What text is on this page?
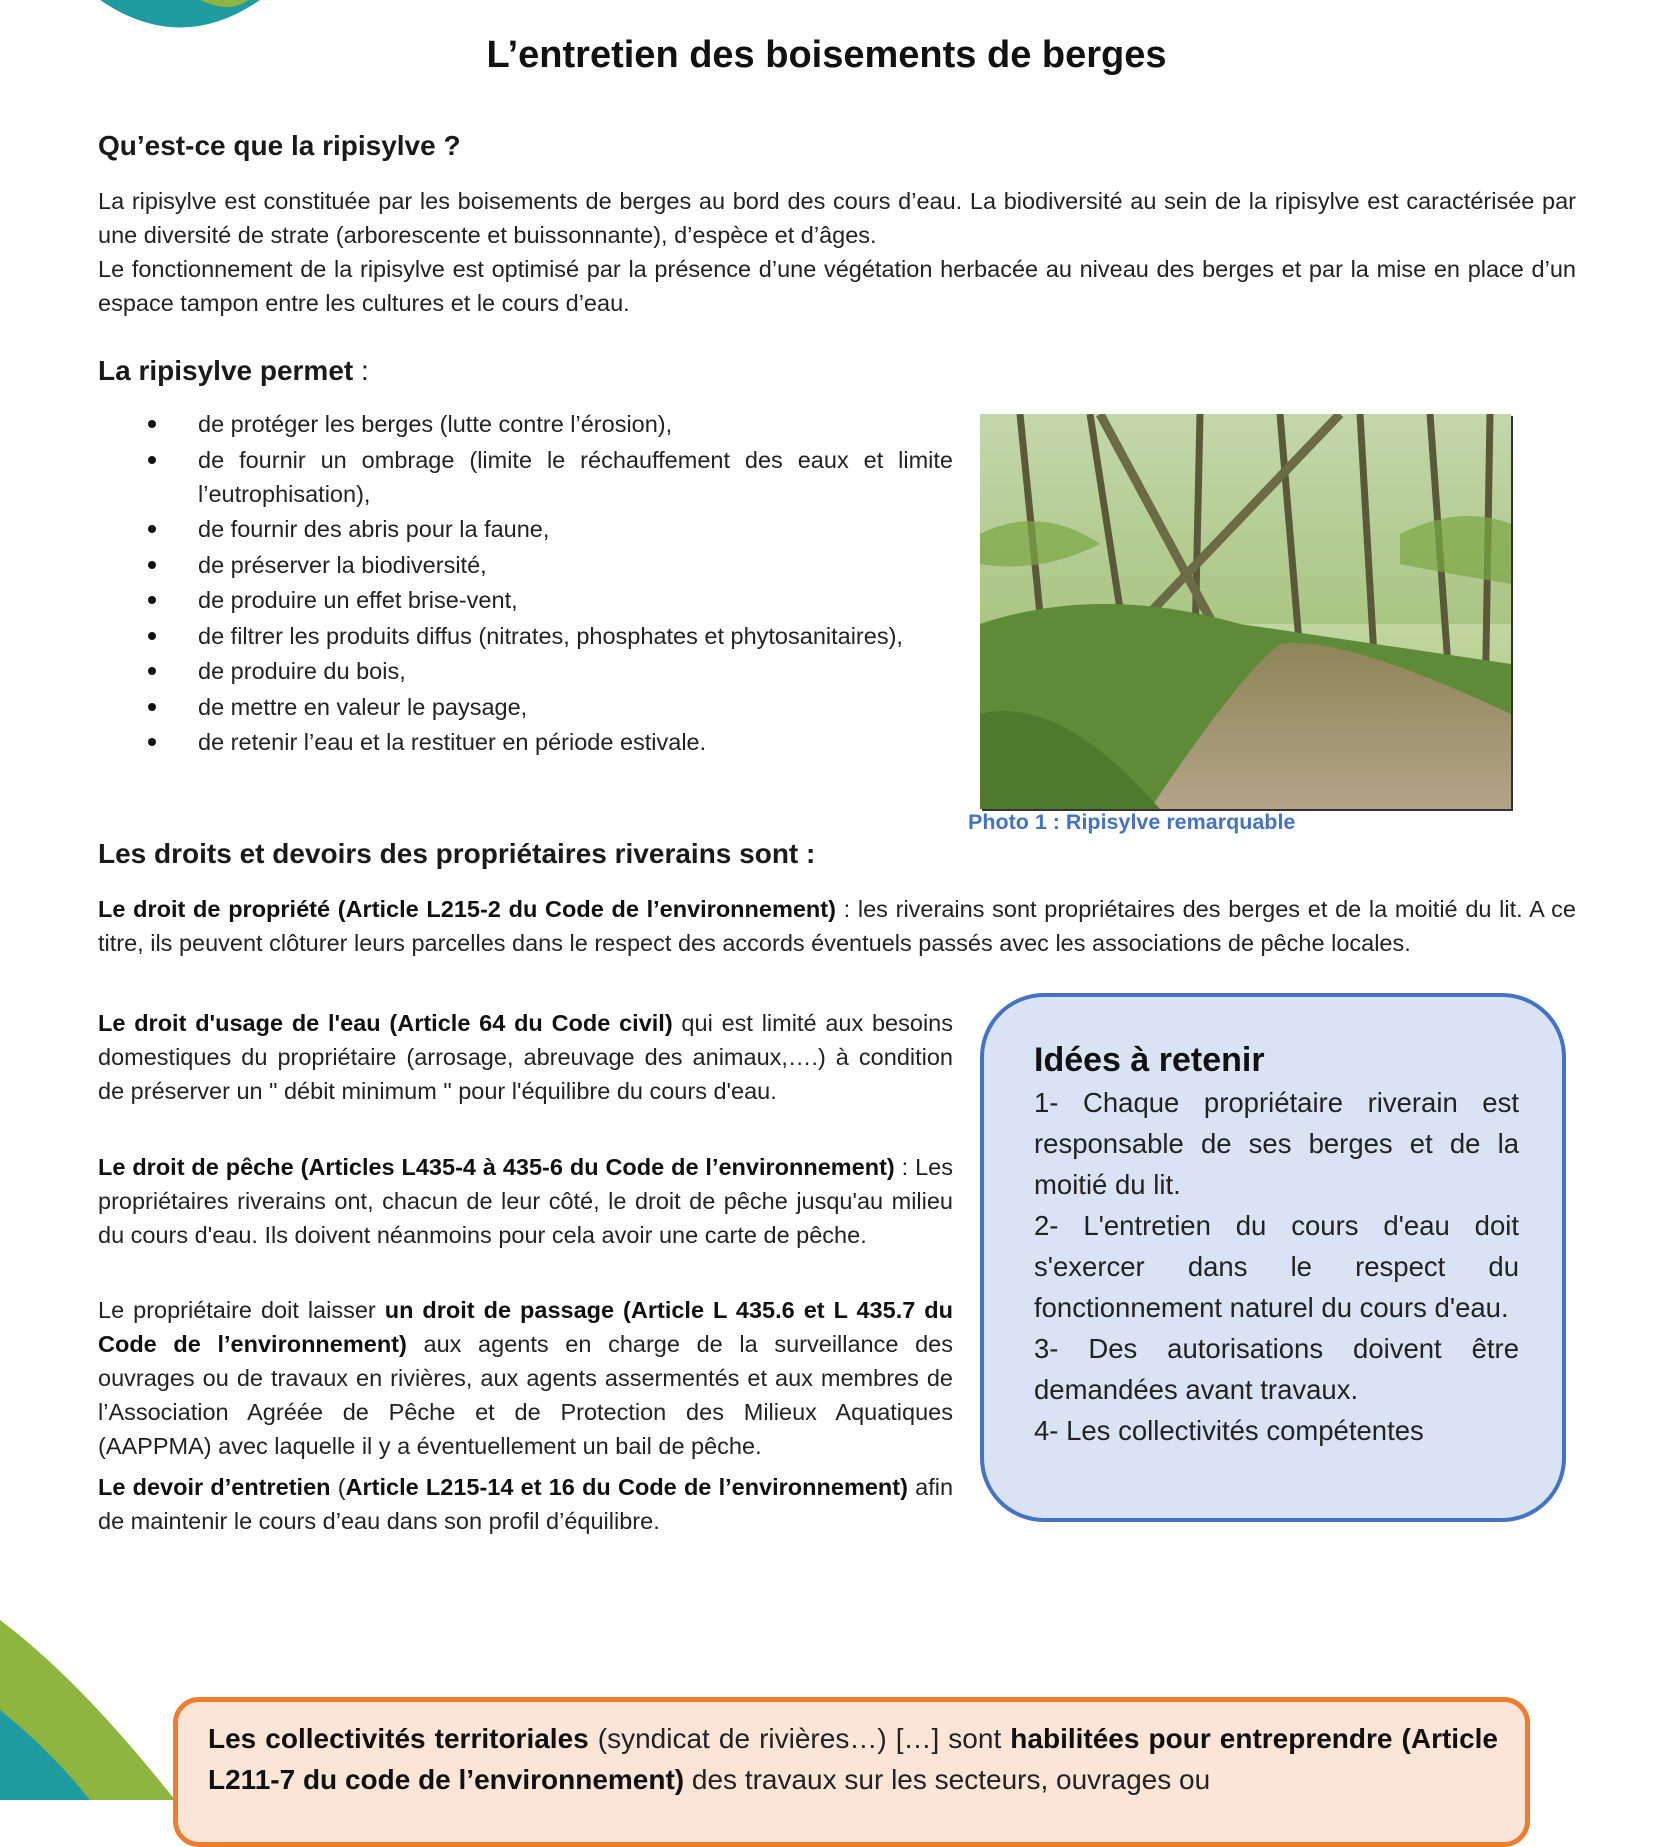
L’entretien des boisements de berges
Qu’est-ce que la ripisylve ?

La ripisylve est constituée par les boisements de berges au bord des cours d’eau. La biodiversité au sein de la ripisylve est caractérisée par une diversité de strate (arborescente et buissonnante), d’espèce et d’âges.

Le fonctionnement de la ripisylve est optimisé par la présence d’une végétation herbacée au niveau des berges et par la mise en place d’un espace tampon entre les cultures et le cours d’eau.

La ripisylve permet :
de protéger les berges (lutte contre l’érosion),
de fournir un ombrage (limite le réchauffement des eaux et limite l’eutrophisation),
de fournir des abris pour la faune,
de préserver la biodiversité,
de produire un effet brise-vent,
de filtrer les produits diffus (nitrates, phosphates et phytosanitaires),
de produire du bois,
de mettre en valeur le paysage,
de retenir l’eau et la restituer en période estivale.

Photo 1 : Ripisylve remarquable

Les droits et devoirs des propriétaires riverains sont :

Le droit de propriété (Article L215-2 du Code de l’environnement) : les riverains sont propriétaires des berges et de la moitié du lit. A ce titre, ils peuvent clôturer leurs parcelles dans le respect des accords éventuels passés avec les associations de pêche locales.

Le droit d'usage de l'eau (Article 64 du Code civil) qui est limité aux besoins domestiques du propriétaire (arrosage, abreuvage des animaux,….) à condition de préserver un " débit minimum " pour l'équilibre du cours d'eau.

Le droit de pêche (Articles L435-4 à 435-6 du Code de l’environnement) : Les propriétaires riverains ont, chacun de leur côté, le droit de pêche jusqu'au milieu du cours d'eau. Ils doivent néanmoins pour cela avoir une carte de pêche.

Le propriétaire doit laisser un droit de passage (Article L 435.6 et L 435.7 du Code de l’environnement) aux agents en charge de la surveillance des ouvrages ou de travaux en rivières, aux agents assermentés et aux membres de l’Association Agréée de Pêche et de Protection des Milieux Aquatiques (AAPPMA) avec laquelle il y a éventuellement un bail de pêche.

Le devoir d’entretien (Article L215-14 et 16 du Code de l’environnement) afin de maintenir le cours d’eau dans son profil d’équilibre.

Idées à retenir

1- Chaque propriétaire riverain est responsable de ses berges et de la moitié du lit.

2- L'entretien du cours d'eau doit s'exercer dans le respect du fonctionnement naturel du cours d'eau.

3- Des autorisations doivent être demandées avant travaux.

4- Les collectivités compétentes

Les collectivités territoriales (syndicat de rivières…) […] sont habilitées pour entreprendre (Article L211-7 du code de l’environnement) des travaux sur les secteurs, ouvrages ou
